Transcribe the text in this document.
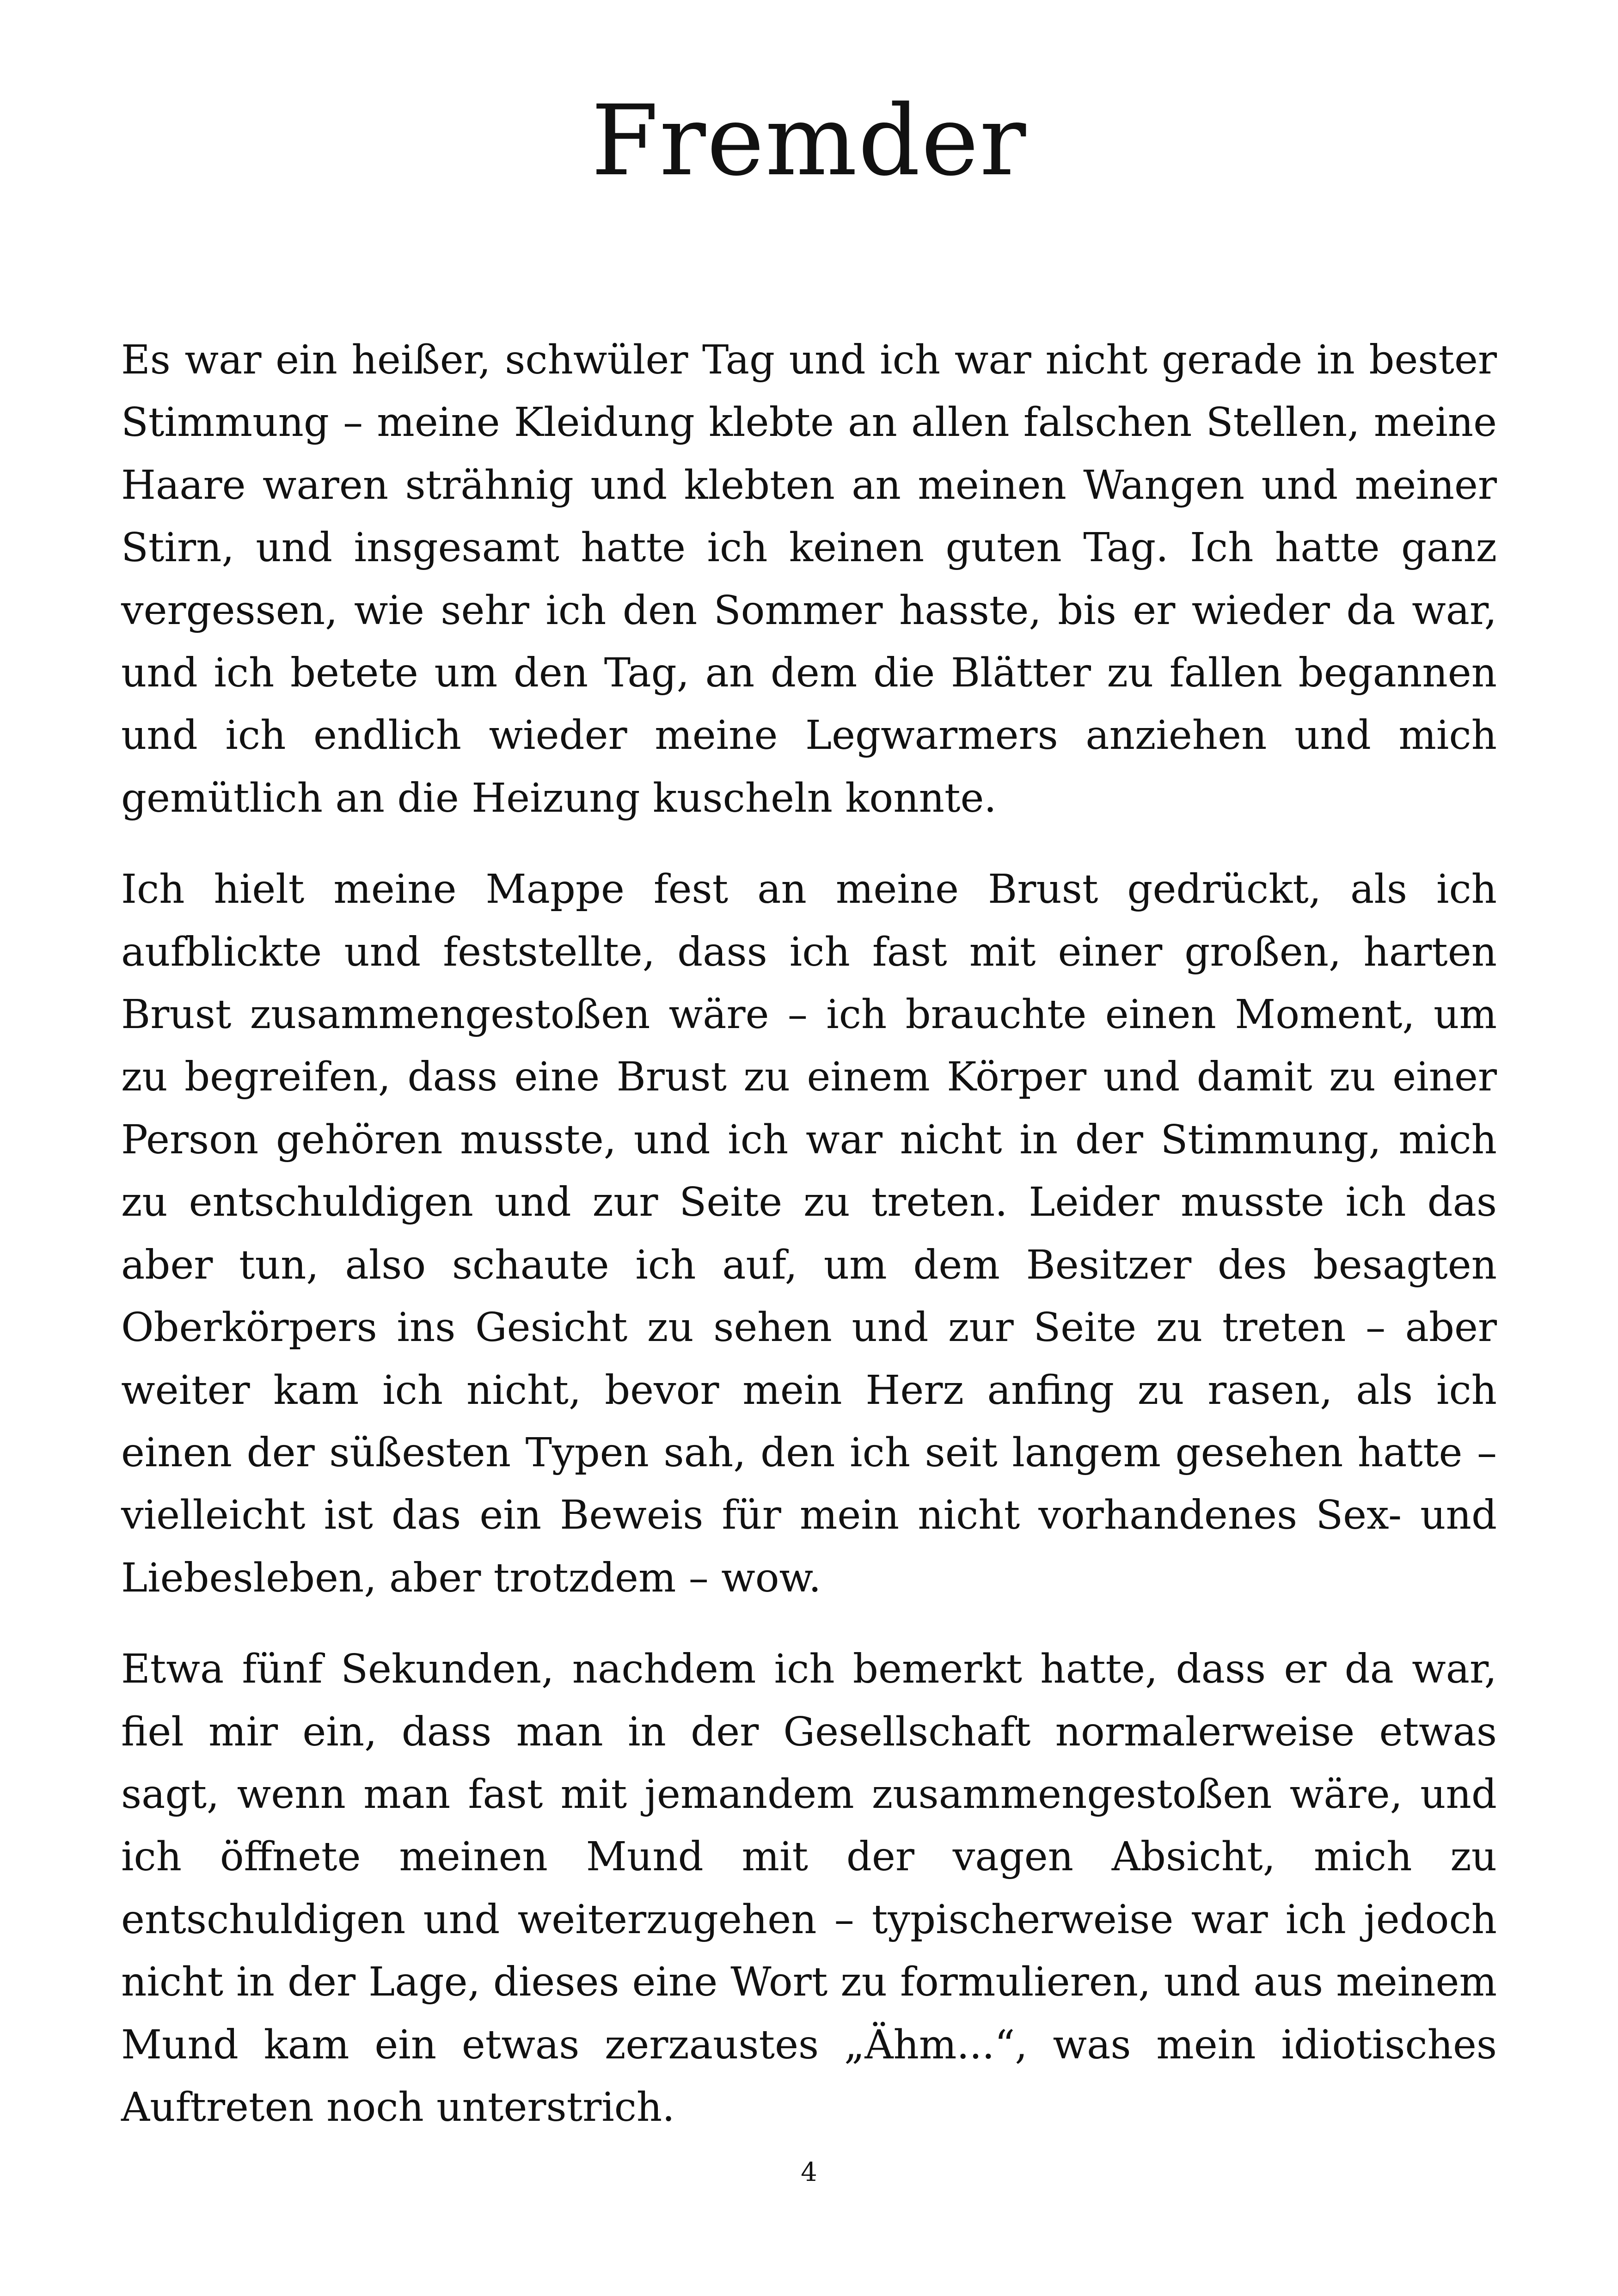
Fremder

Es war ein heißer, schwüler Tag und ich war nicht gerade in bester Stimmung – meine Kleidung klebte an allen falschen Stellen, meine Haare waren strähnig und klebten an meinen Wangen und meiner Stirn, und insgesamt hatte ich keinen guten Tag. Ich hatte ganz vergessen, wie sehr ich den Sommer hasste, bis er wieder da war, und ich betete um den Tag, an dem die Blätter zu fallen begannen und ich endlich wieder meine Legwarmers anziehen und mich gemütlich an die Heizung kuscheln konnte.

Ich hielt meine Mappe fest an meine Brust gedrückt, als ich aufblickte und feststellte, dass ich fast mit einer großen, harten Brust zusammengestoßen wäre – ich brauchte einen Moment, um zu begreifen, dass eine Brust zu einem Körper und damit zu einer Person gehören musste, und ich war nicht in der Stimmung, mich zu entschuldigen und zur Seite zu treten. Leider musste ich das aber tun, also schaute ich auf, um dem Besitzer des besagten Oberkörpers ins Gesicht zu sehen und zur Seite zu treten – aber weiter kam ich nicht, bevor mein Herz anfing zu rasen, als ich einen der süßesten Typen sah, den ich seit langem gesehen hatte – vielleicht ist das ein Beweis für mein nicht vorhandenes Sex- und Liebesleben, aber trotzdem – wow.

Etwa fünf Sekunden, nachdem ich bemerkt hatte, dass er da war, fiel mir ein, dass man in der Gesellschaft normalerweise etwas sagt, wenn man fast mit jemandem zusammengestoßen wäre, und ich öffnete meinen Mund mit der vagen Absicht, mich zu entschuldigen und weiterzugehen – typischerweise war ich jedoch nicht in der Lage, dieses eine Wort zu formulieren, und aus meinem Mund kam ein etwas zerzaustes „Ähm...“, was mein idiotisches Auftreten noch unterstrich.

4
